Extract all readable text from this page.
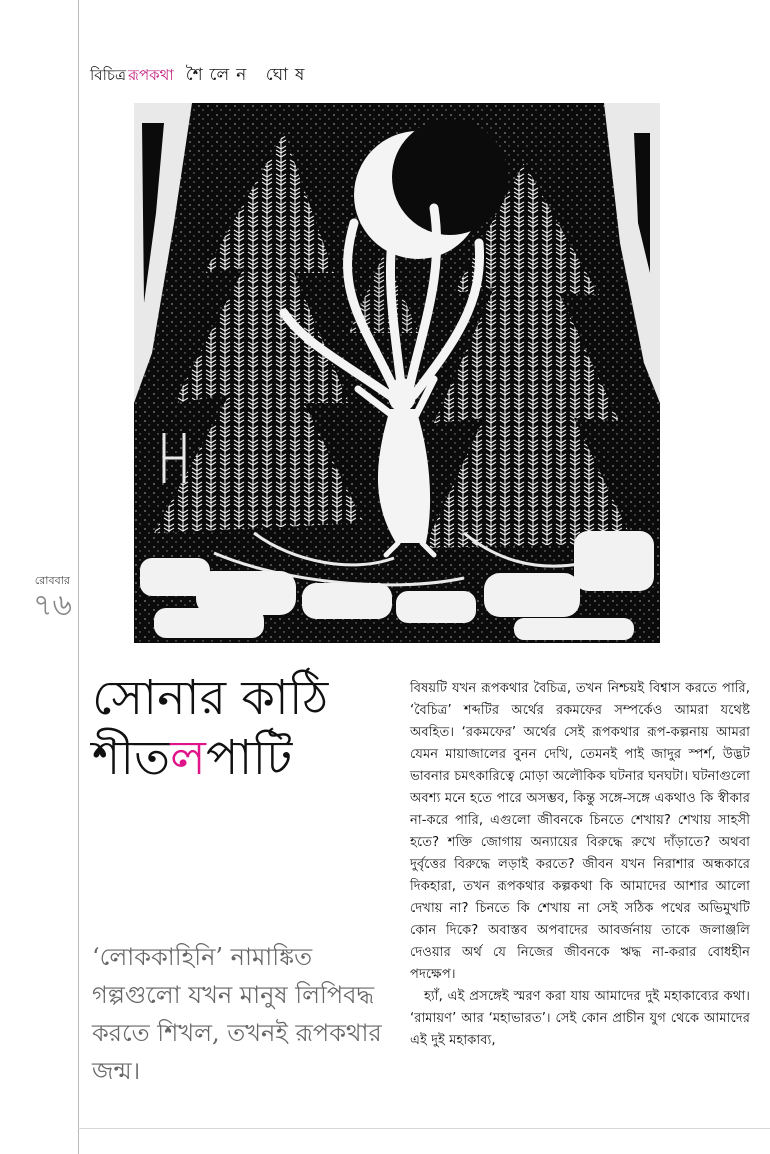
বিচিত্র রূপকথা শৈলেন ঘোষ
রোববার
৭৬
সোনার কাঠি
শীতলপাটি
‘লোককাহিনি’ নামাঙ্কিত গল্পগুলো যখন মানুষ লিপিবদ্ধ করতে শিখল, তখনই রূপকথার জন্ম।

বিষয়টি যখন রূপকথার বৈচিত্র, তখন নিশ্চয়ই বিশ্বাস করতে পারি, ‘বৈচিত্র’ শব্দটির অর্থের রকমফের সম্পর্কেও আমরা যথেষ্ট অবহিত। ‘রকমফের’ অর্থের সেই রূপকথার রূপ-কল্পনায় আমরা যেমন মায়াজালের বুনন দেখি, তেমনই পাই জাদুর স্পর্শ, উদ্ভট ভাবনার চমৎকারিত্বে মোড়া অলৌকিক ঘটনার ঘনঘটা। ঘটনাগুলো অবশ্য মনে হতে পারে অসম্ভব, কিন্তু সঙ্গে-সঙ্গে একথাও কি স্বীকার না-করে পারি, এগুলো জীবনকে চিনতে শেখায়? শেখায় সাহসী হতে? শক্তি জোগায় অন্যায়ের বিরুদ্ধে রুখে দাঁড়াতে? অথবা দুর্বৃত্তের বিরুদ্ধে লড়াই করতে? জীবন যখন নিরাশার অন্ধকারে দিকহারা, তখন রূপকথার কল্পকথা কি আমাদের আশার আলো দেখায় না? চিনতে কি শেখায় না সেই সঠিক পথের অভিমুখটি কোন দিকে? অবাস্তব অপবাদের আবর্জনায় তাকে জলাঞ্জলি দেওয়ার অর্থ যে নিজের জীবনকে ঋদ্ধ না-করার বোধহীন পদক্ষেপ।

হ্যাঁ, এই প্রসঙ্গেই স্মরণ করা যায় আমাদের দুই মহাকাব্যের কথা। ‘রামায়ণ’ আর ‘মহাভারত’। সেই কোন প্রাচীন যুগ থেকে আমাদের এই দুই মহাকাব্য,
